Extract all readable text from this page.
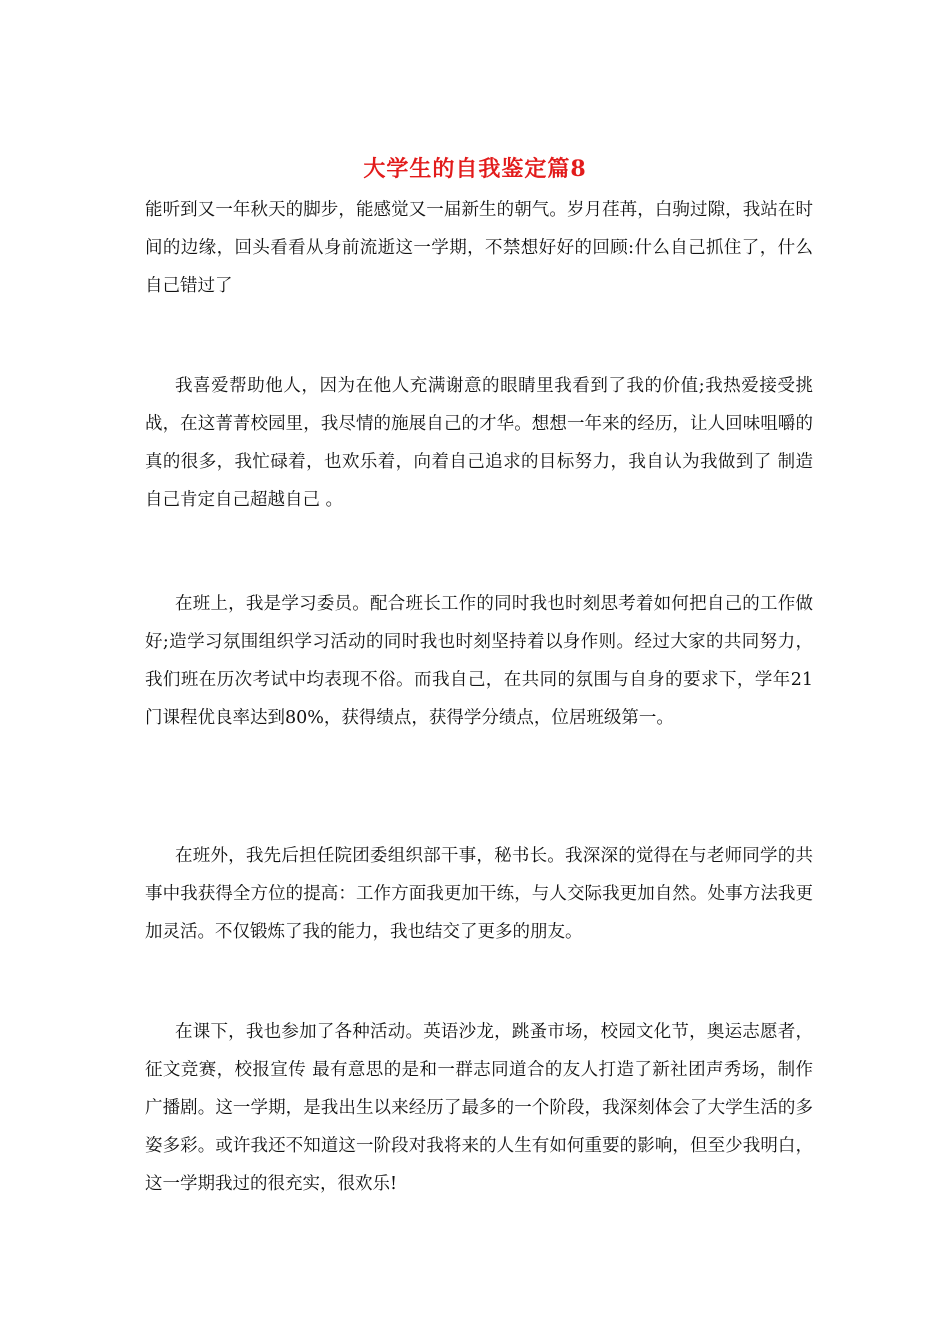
大学生的自我鉴定篇8

能听到又一年秋天的脚步，能感觉又一届新生的朝气。岁月荏苒，白驹过隙，我站在时间的边缘，回头看看从身前流逝这一学期，不禁想好好的回顾:什么自己抓住了，什么自己错过了

我喜爱帮助他人，因为在他人充满谢意的眼睛里我看到了我的价值;我热爱接受挑战，在这菁菁校园里，我尽情的施展自己的才华。想想一年来的经历，让人回味咀嚼的真的很多，我忙碌着，也欢乐着，向着自己追求的目标努力，我自认为我做到了 制造自己肯定自己超越自己 。

在班上，我是学习委员。配合班长工作的同时我也时刻思考着如何把自己的工作做好;造学习氛围组织学习活动的同时我也时刻坚持着以身作则。经过大家的共同努力，我们班在历次考试中均表现不俗。而我自己，在共同的氛围与自身的要求下，学年21门课程优良率达到80%，获得绩点，获得学分绩点，位居班级第一。

在班外，我先后担任院团委组织部干事，秘书长。我深深的觉得在与老师同学的共事中我获得全方位的提高：工作方面我更加干练，与人交际我更加自然。处事方法我更加灵活。不仅锻炼了我的能力，我也结交了更多的朋友。

在课下，我也参加了各种活动。英语沙龙，跳蚤市场，校园文化节，奥运志愿者，征文竞赛，校报宣传 最有意思的是和一群志同道合的友人打造了新社团声秀场，制作广播剧。这一学期，是我出生以来经历了最多的一个阶段，我深刻体会了大学生活的多姿多彩。或许我还不知道这一阶段对我将来的人生有如何重要的影响，但至少我明白，这一学期我过的很充实，很欢乐!
